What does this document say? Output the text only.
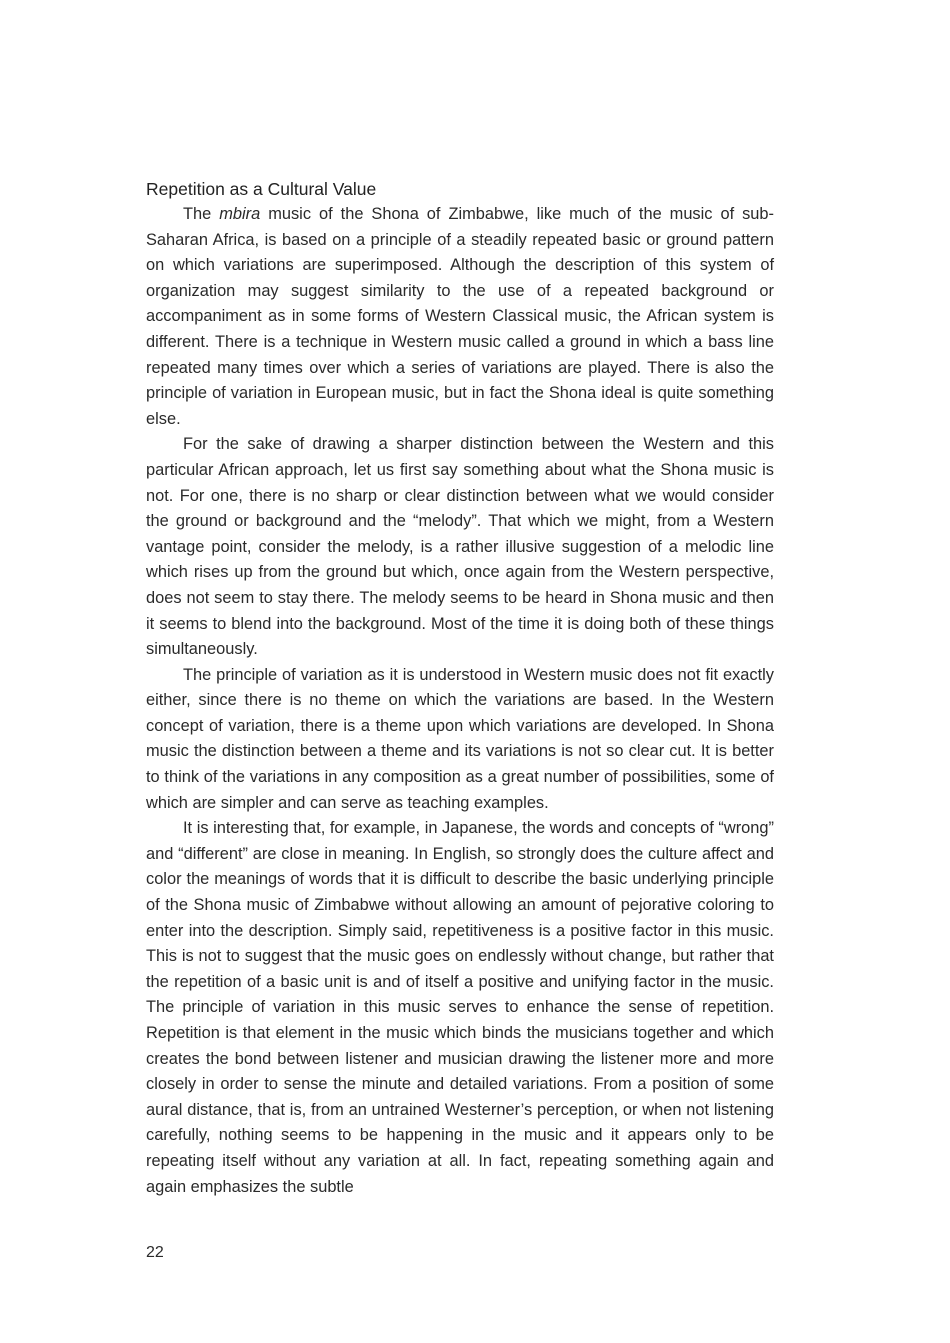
Repetition as a Cultural Value

The mbira music of the Shona of Zimbabwe, like much of the music of sub-Saharan Africa, is based on a principle of a steadily repeated basic or ground pattern on which variations are superimposed. Although the description of this system of organization may suggest similarity to the use of a repeated background or accompaniment as in some forms of Western Classical music, the African system is different. There is a technique in Western music called a ground in which a bass line repeated many times over which a series of variations are played. There is also the principle of variation in European music, but in fact the Shona ideal is quite something else.

For the sake of drawing a sharper distinction between the Western and this particular African approach, let us first say something about what the Shona music is not. For one, there is no sharp or clear distinction between what we would consider the ground or background and the “melody”. That which we might, from a Western vantage point, consider the melody, is a rather illusive suggestion of a melodic line which rises up from the ground but which, once again from the Western perspective, does not seem to stay there. The melody seems to be heard in Shona music and then it seems to blend into the background. Most of the time it is doing both of these things simultaneously.

The principle of variation as it is understood in Western music does not fit exactly either, since there is no theme on which the variations are based. In the Western concept of variation, there is a theme upon which variations are developed. In Shona music the distinction between a theme and its variations is not so clear cut. It is better to think of the variations in any composition as a great number of possibilities, some of which are simpler and can serve as teaching examples.

It is interesting that, for example, in Japanese, the words and concepts of “wrong” and “different” are close in meaning. In English, so strongly does the culture affect and color the meanings of words that it is difficult to describe the basic underlying principle of the Shona music of Zimbabwe without allowing an amount of pejorative coloring to enter into the description. Simply said, repetitiveness is a positive factor in this music. This is not to suggest that the music goes on endlessly without change, but rather that the repetition of a basic unit is and of itself a positive and unifying factor in the music. The principle of variation in this music serves to enhance the sense of repetition. Repetition is that element in the music which binds the musicians together and which creates the bond between listener and musician drawing the listener more and more closely in order to sense the minute and detailed variations. From a position of some aural distance, that is, from an untrained Westerner’s perception, or when not listening carefully, nothing seems to be happening in the music and it appears only to be repeating itself without any variation at all. In fact, repeating something again and again emphasizes the subtle

22
